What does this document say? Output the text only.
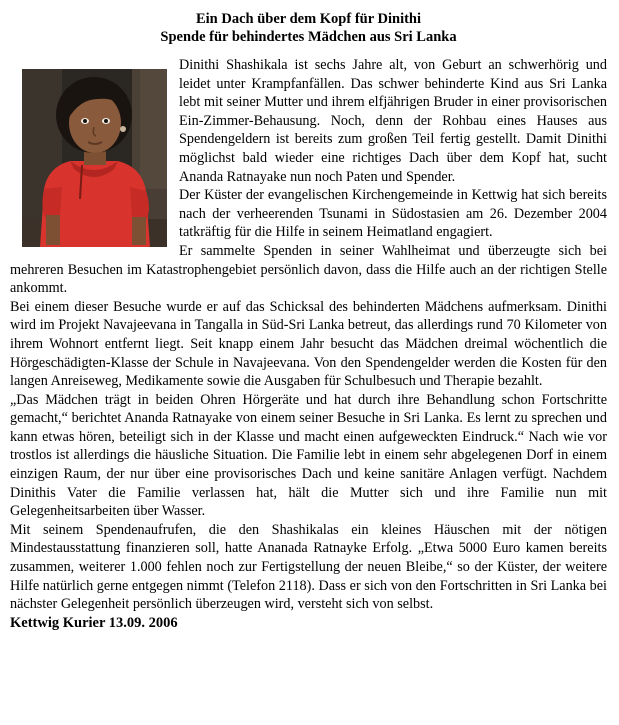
Ein Dach über dem Kopf für Dinithi
Spende für behindertes Mädchen aus Sri Lanka

Dinithi Shashikala ist sechs Jahre alt, von Geburt an schwerhörig und leidet unter Krampfanfällen. Das schwer behinderte Kind aus Sri Lanka lebt mit seiner Mutter und ihrem elfjährigen Bruder in einer provisorischen Ein-Zimmer-Behausung. Noch, denn der Rohbau eines Hauses aus Spendengeldern ist bereits zum großen Teil fertig gestellt. Damit Dinithi möglichst bald wieder eine richtiges Dach über dem Kopf hat, sucht Ananda Ratnayake nun noch Paten und Spender.

Der Küster der evangelischen Kirchengemeinde in Kettwig hat sich bereits nach der verheerenden Tsunami in Südostasien am 26. Dezember 2004 tatkräftig für die Hilfe in seinem Heimatland engagiert.

Er sammelte Spenden in seiner Wahlheimat und überzeugte sich bei mehreren Besuchen im Katastrophengebiet persönlich davon, dass die Hilfe auch an der richtigen Stelle ankommt.

Bei einem dieser Besuche wurde er auf das Schicksal des behinderten Mädchens aufmerksam. Dinithi wird im Projekt Navajeevana in Tangalla in Süd-Sri Lanka betreut, das allerdings rund 70 Kilometer von ihrem Wohnort entfernt liegt. Seit knapp einem Jahr besucht das Mädchen dreimal wöchentlich die Hörgeschädigten-Klasse der Schule in Navajeevana. Von den Spendengelder werden die Kosten für den langen Anreiseweg, Medikamente sowie die Ausgaben für Schulbesuch und Therapie bezahlt.

„Das Mädchen trägt in beiden Ohren Hörgeräte und hat durch ihre Behandlung schon Fortschritte gemacht,“ berichtet Ananda Ratnayake von einem seiner Besuche in Sri Lanka. Es lernt zu sprechen und kann etwas hören, beteiligt sich in der Klasse und macht einen aufgeweckten Eindruck.“ Nach wie vor trostlos ist allerdings die häusliche Situation. Die Familie lebt in einem sehr abgelegenen Dorf in einem einzigen Raum, der nur über eine provisorisches Dach und keine sanitäre Anlagen verfügt. Nachdem Dinithis Vater die Familie verlassen hat, hält die Mutter sich und ihre Familie nun mit Gelegenheitsarbeiten über Wasser.

Mit seinem Spendenaufrufen, die den Shashikalas ein kleines Häuschen mit der nötigen Mindestausstattung finanzieren soll, hatte Ananada Ratnayke Erfolg. „Etwa 5000 Euro kamen bereits zusammen, weiterer 1.000 fehlen noch zur Fertigstellung der neuen Bleibe,“ so der Küster, der weitere Hilfe natürlich gerne entgegen nimmt (Telefon 2118). Dass er sich von den Fortschritten in Sri Lanka bei nächster Gelegenheit persönlich überzeugen wird, versteht sich von selbst.

Kettwig Kurier 13.09. 2006
